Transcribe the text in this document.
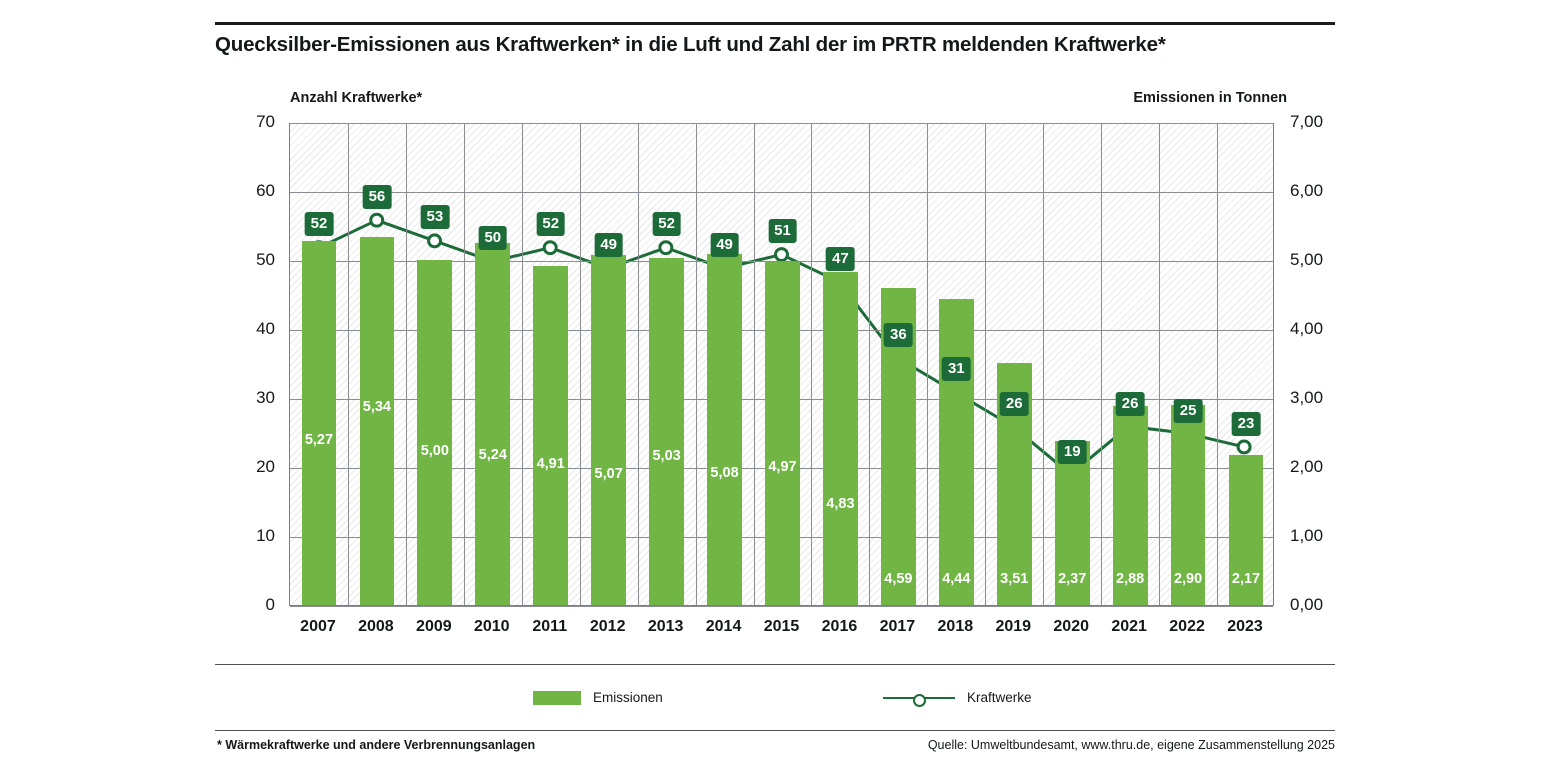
Quecksilber-Emissionen aus Kraftwerken* in die Luft und Zahl der im PRTR meldenden Kraftwerke*
Anzahl Kraftwerke*	Emissionen in Tonnen
5,27
5,34
5,00	5,24
4,91
5,07
5,03
5,08	4,97
4,83
4,59	4,44	3,51	2,37	2,88	2,90	2,17
52
56
53
50
52
49
52
49
51
47
36
31
26
19
26	25
23
Emissionen	Kraftwerke
* Wärmekraftwerke und andere Verbrennungsanlagen	Quelle: Umweltbundesamt, www.thru.de, eigene Zusammenstellung 2025
0	0,00
10	1,00
20	2,00
30	3,00
40	4,00
50	5,00
60	6,00
70	7,00
2007 2008 2009 2010 2011 2012 2013 2014 2015 2016 2017 2018 2019 2020 2021 2022 2023
